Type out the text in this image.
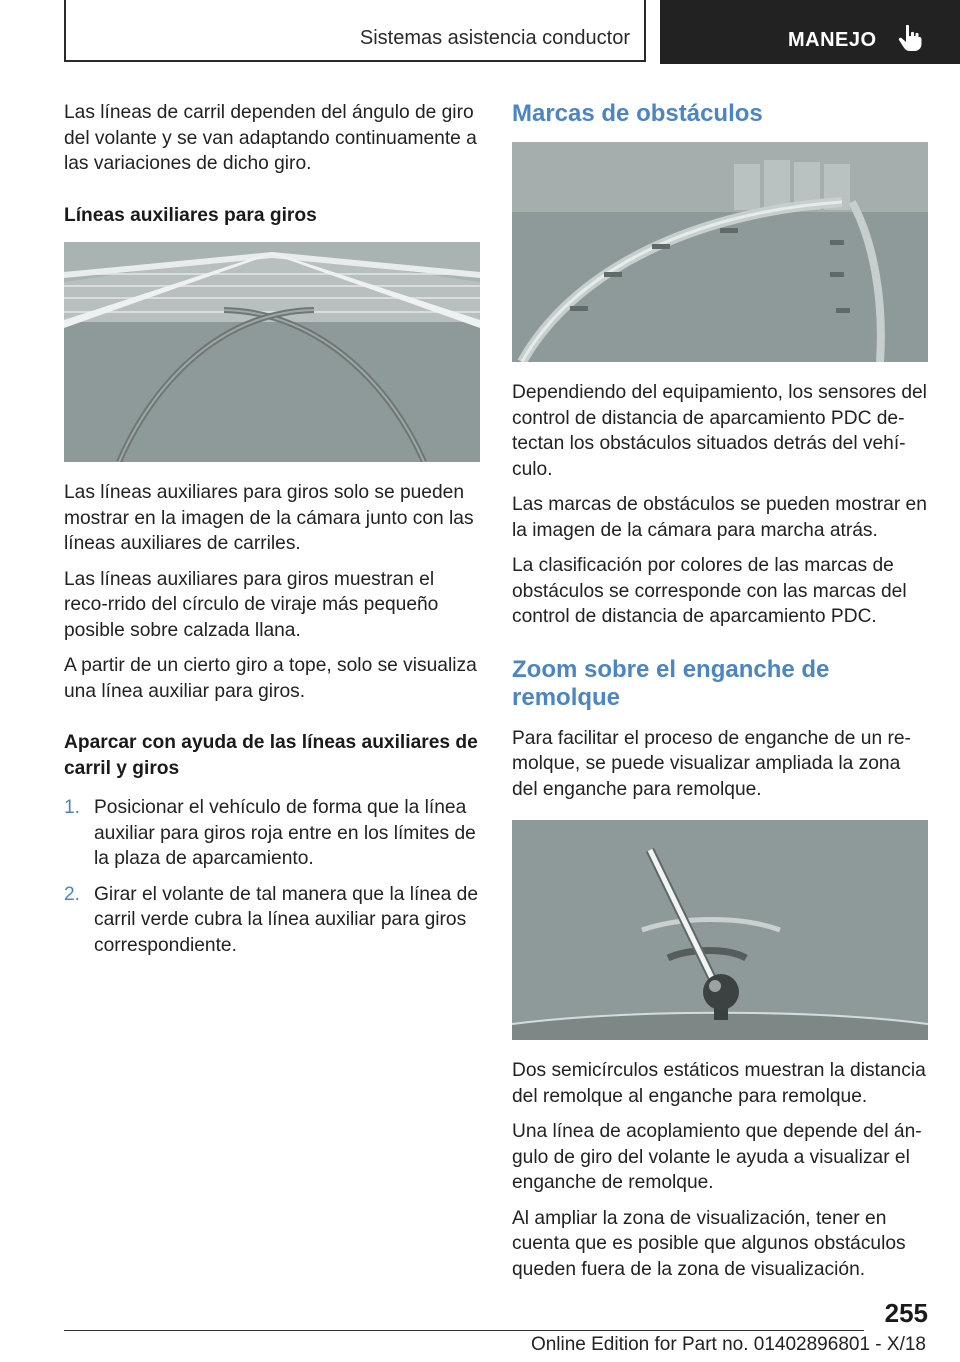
Sistemas asistencia conductor	MANEJO

Las líneas de carril dependen del ángulo de giro del volante y se van adaptando continuamente a las variaciones de dicho giro.

Líneas auxiliares para giros

Las líneas auxiliares para giros solo se pueden mostrar en la imagen de la cámara junto con las líneas auxiliares de carriles.

Las líneas auxiliares para giros muestran el reco‐rrido del círculo de viraje más pequeño posible sobre calzada llana.

A partir de un cierto giro a tope, solo se visualiza una línea auxiliar para giros.

Aparcar con ayuda de las líneas auxiliares de carril y giros
1. Posicionar el vehículo de forma que la línea auxiliar para giros roja entre en los límites de la plaza de aparcamiento.
2. Girar el volante de tal manera que la línea de carril verde cubra la línea auxiliar para giros correspondiente.
Marcas de obstáculos

Dependiendo del equipamiento, los sensores del control de distancia de aparcamiento PDC de‐tectan los obstáculos situados detrás del vehí‐culo.

Las marcas de obstáculos se pueden mostrar en la imagen de la cámara para marcha atrás.

La clasificación por colores de las marcas de obstáculos se corresponde con las marcas del control de distancia de aparcamiento PDC.

Zoom sobre el enganche de remolque

Para facilitar el proceso de enganche de un re‐molque, se puede visualizar ampliada la zona del enganche para remolque.

Dos semicírculos estáticos muestran la distancia del remolque al enganche para remolque.

Una línea de acoplamiento que depende del án‐gulo de giro del volante le ayuda a visualizar el enganche de remolque.

Al ampliar la zona de visualización, tener en cuenta que es posible que algunos obstáculos queden fuera de la zona de visualización.

255
Online Edition for Part no. 01402896801 - X/18
